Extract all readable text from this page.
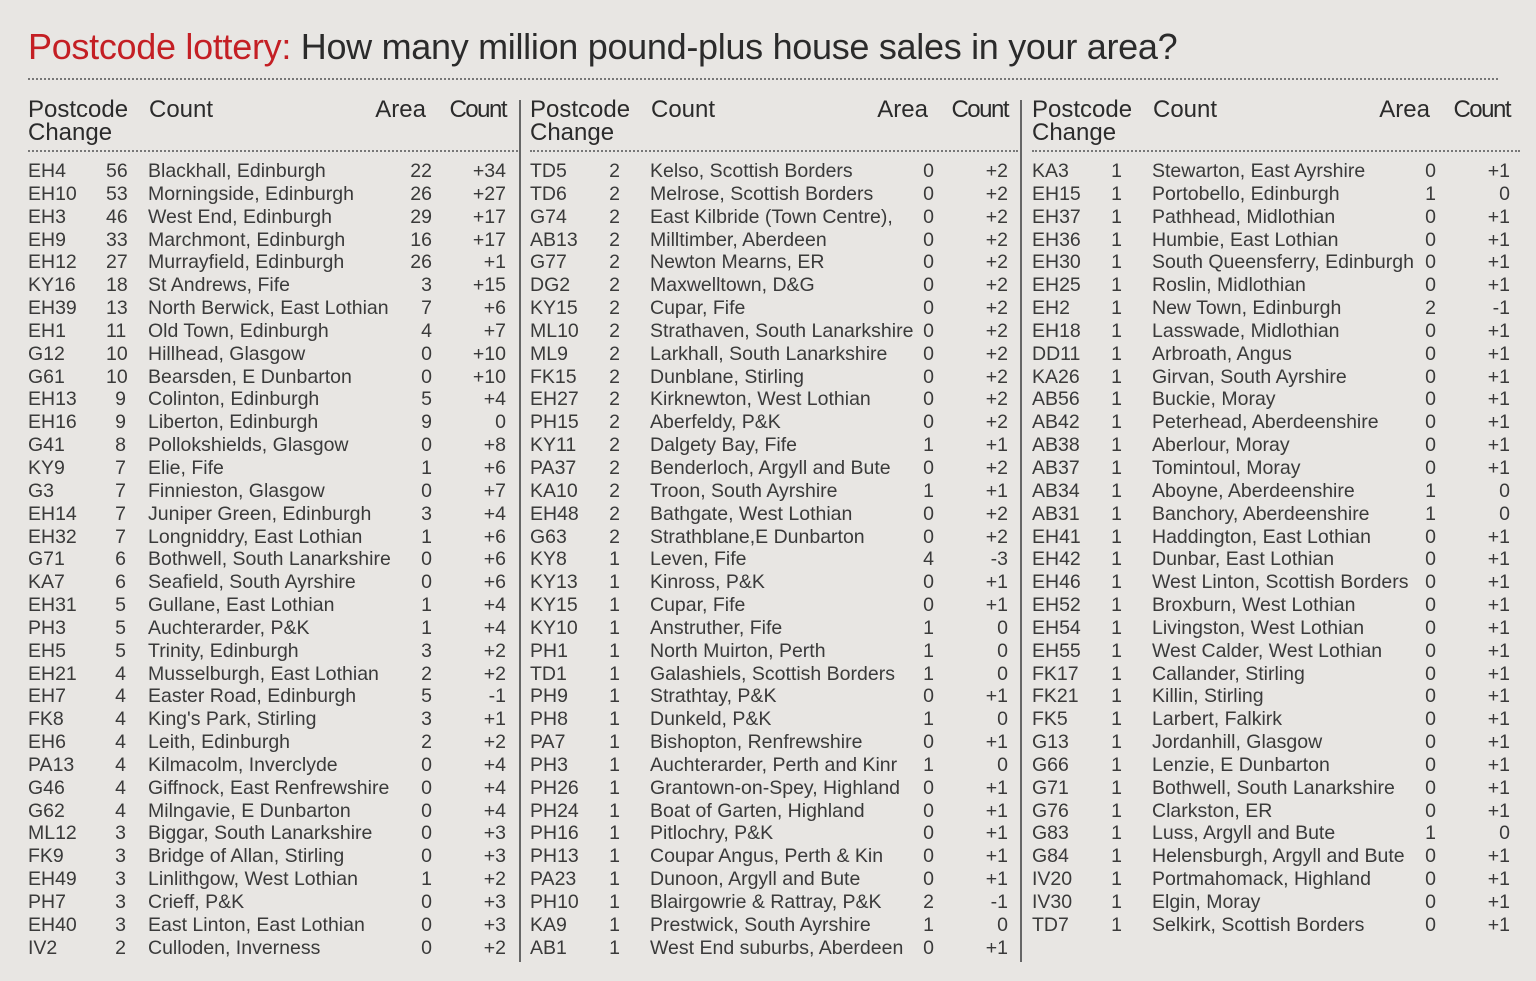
Postcode lottery: How many million pound-plus house sales in your area?
Postcode
Change
Count	Area Count
EH4 56 Blackhall, Edinburgh	22	+34
EH10 53 Morningside, Edinburgh	26	+27
EH3 46 West End, Edinburgh	29	+17
EH9 33 Marchmont, Edinburgh	16	+17
EH12 27 Murrayfield, Edinburgh	26	+1
KY16 18 St Andrews, Fife	3	+15
EH39 13 North Berwick, East Lothian	7	+6
EH1 11 Old Town, Edinburgh	4	+7
G12 10 Hillhead, Glasgow	0	+10
G61 10 Bearsden, E Dunbarton	0	+10
EH13	9 Colinton, Edinburgh	5	+4
EH16	9 Liberton, Edinburgh	9	0
G41	8 Pollokshields, Glasgow	0	+8
KY9	7 Elie, Fife	1	+6
G3	7 Finnieston, Glasgow	0	+7
EH14	7 Juniper Green, Edinburgh	3	+4
EH32	7 Longniddry, East Lothian	1	+6
G71	6 Bothwell, South Lanarkshire	0	+6
KA7	6 Seafield, South Ayrshire	0	+6
EH31	5 Gullane, East Lothian	1	+4
PH3	5 Auchterarder, P&K	1	+4
EH5	5 Trinity, Edinburgh	3	+2
EH21	4 Musselburgh, East Lothian	2	+2
EH7	4 Easter Road, Edinburgh	5	-1
FK8	4 King's Park, Stirling	3	+1
EH6	4 Leith, Edinburgh	2	+2
PA13	4 Kilmacolm, Inverclyde	0	+4
G46	4 Giffnock, East Renfrewshire	0	+4
G62	4 Milngavie, E Dunbarton	0	+4
ML12	3 Biggar, South Lanarkshire	0	+3
FK9	3 Bridge of Allan, Stirling	0	+3
EH49	3 Linlithgow, West Lothian	1	+2
PH7	3 Crieff, P&K	0	+3
EH40	3 East Linton, East Lothian	0	+3
IV2	2 Culloden, Inverness	0	+2
Postcode
Change
Count	Area Count
TD5	2 Kelso, Scottish Borders	0	+2
TD6	2 Melrose, Scottish Borders	0	+2
G74	2 East Kilbride (Town Centre),	0	+2
AB13	2 Milltimber, Aberdeen	0	+2
G77	2 Newton Mearns, ER	0	+2
DG2	2 Maxwelltown, D&G	0	+2
KY15	2 Cupar, Fife	0	+2
ML10	2 Strathaven, South Lanarkshire 0	+2
ML9	2 Larkhall, South Lanarkshire	0	+2
FK15	2 Dunblane, Stirling	0	+2
EH27	2 Kirknewton, West Lothian	0	+2
PH15	2 Aberfeldy, P&K	0	+2
KY11	2 Dalgety Bay, Fife	1	+1
PA37	2 Benderloch, Argyll and Bute	0	+2
KA10	2 Troon, South Ayrshire	1	+1
EH48	2 Bathgate, West Lothian	0	+2
G63	2 Strathblane,E Dunbarton	0	+2
KY8	1 Leven, Fife	4	-3
KY13	1 Kinross, P&K	0	+1
KY15	1 Cupar, Fife	0	+1
KY10	1 Anstruther, Fife	1	0
PH1	1 North Muirton, Perth	1	0
TD1	1 Galashiels, Scottish Borders	1	0
PH9	1 Strathtay, P&K	0	+1
PH8	1 Dunkeld, P&K	1	0
PA7	1 Bishopton, Renfrewshire	0	+1
PH3	1 Auchterarder, Perth and Kinr	1	0
PH26	1 Grantown-on-Spey, Highland	0	+1
PH24	1 Boat of Garten, Highland	0	+1
PH16	1 Pitlochry, P&K	0	+1
PH13	1 Coupar Angus, Perth & Kin	0	+1
PA23	1 Dunoon, Argyll and Bute	0	+1
PH10	1 Blairgowrie & Rattray, P&K	2	-1
KA9	1 Prestwick, South Ayrshire	1	0
AB1	1 West End suburbs, Aberdeen	0	+1
Postcode
Change
Count	Area Count
KA3	1 Stewarton, East Ayrshire	0	+1
EH15	1 Portobello, Edinburgh	1	0
EH37	1 Pathhead, Midlothian	0	+1
EH36	1 Humbie, East Lothian	0	+1
EH30	1 South Queensferry, Edinburgh 0	+1
EH25	1 Roslin, Midlothian	0	+1
EH2	1 New Town, Edinburgh	2	-1
EH18	1 Lasswade, Midlothian	0	+1
DD11	1 Arbroath, Angus	0	+1
KA26	1 Girvan, South Ayrshire	0	+1
AB56	1 Buckie, Moray	0	+1
AB42	1 Peterhead, Aberdeenshire	0	+1
AB38	1 Aberlour, Moray	0	+1
AB37	1 Tomintoul, Moray	0	+1
AB34	1 Aboyne, Aberdeenshire	1	0
AB31	1 Banchory, Aberdeenshire	1	0
EH41	1 Haddington, East Lothian	0	+1
EH42	1 Dunbar, East Lothian	0	+1
EH46	1 West Linton, Scottish Borders 0	+1
EH52	1 Broxburn, West Lothian	0	+1
EH54	1 Livingston, West Lothian	0	+1
EH55	1 West Calder, West Lothian	0	+1
FK17	1 Callander, Stirling	0	+1
FK21	1 Killin, Stirling	0	+1
FK5	1 Larbert, Falkirk	0	+1
G13	1 Jordanhill, Glasgow	0	+1
G66	1 Lenzie, E Dunbarton	0	+1
G71	1 Bothwell, South Lanarkshire	0	+1
G76	1 Clarkston, ER	0	+1
G83	1 Luss, Argyll and Bute	1	0
G84	1 Helensburgh, Argyll and Bute	0	+1
IV20	1 Portmahomack, Highland	0	+1
IV30	1 Elgin, Moray	0	+1
TD7	1 Selkirk, Scottish Borders	0	+1
